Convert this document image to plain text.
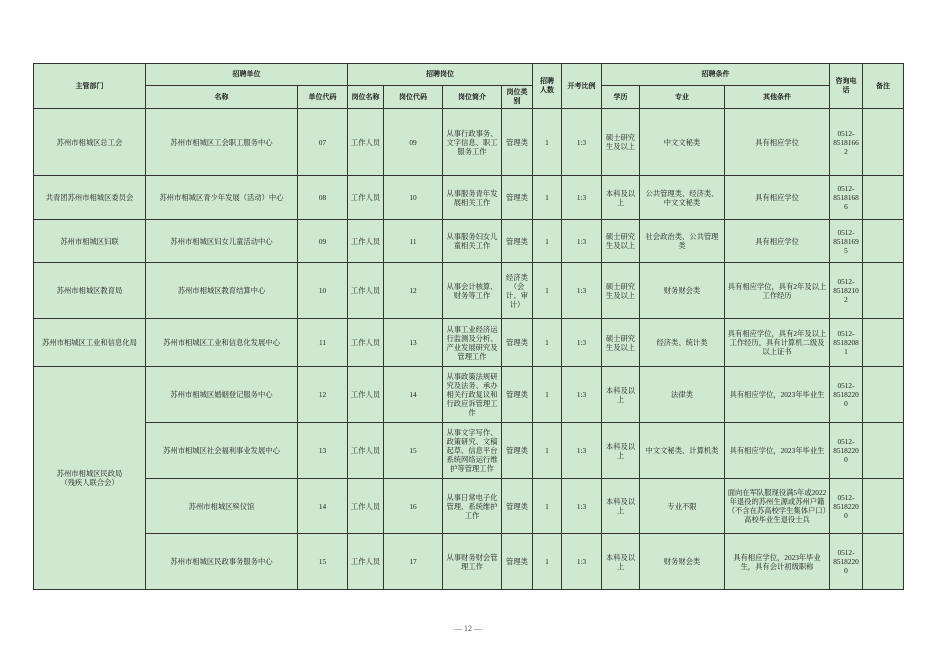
主管部门	招聘单位		招聘岗位				招聘人数	开考比例	招聘条件			咨询电话	备注
	名称	单位代码	岗位名称	岗位代码	岗位简介	岗位类别			学历	专业	其他条件		
苏州市相城区总工会	苏州市相城区工会职工服务中心	07	工作人员	09	从事行政事务、文字信息、职工服务工作	管理类	1	1:3	硕士研究生及以上	中文文秘类	具有相应学位	0512-85181662	
共青团苏州市相城区委员会	苏州市相城区青少年发展（活动）中心	08	工作人员	10	从事服务青年发展相关工作	管理类	1	1:3	本科及以上	公共管理类、经济类、中文文秘类	具有相应学位	0512-85181686	
苏州市相城区妇联	苏州市相城区妇女儿童活动中心	09	工作人员	11	从事服务妇女儿童相关工作	管理类	1	1:3	硕士研究生及以上	社会政治类、公共管理类	具有相应学位	0512-85181695	
苏州市相城区教育局	苏州市相城区教育结算中心	10	工作人员	12	从事会计核算、财务等工作	经济类（会计、审计）	1	1:3	硕士研究生及以上	财务财会类	具有相应学位，具有2年及以上工作经历	0512-85182102	
苏州市相城区工业和信息化局	苏州市相城区工业和信息化发展中心	11	工作人员	13	从事工业经济运行监测及分析、产业发展研究及管理工作	管理类	1	1:3	硕士研究生及以上	经济类、统计类	具有相应学位，具有2年及以上工作经历，具有计算机二级及以上证书	0512-85182081	
苏州市相城区民政局（残疾人联合会）	苏州市相城区婚姻登记服务中心	12	工作人员	14	从事政策法规研究及法务、承办相关行政复议和行政应诉管理工作	管理类	1	1:3	本科及以上	法律类	具有相应学位，2023年毕业生	0512-85182200	
	苏州市相城区社会福利事业发展中心	13	工作人员	15	从事文字写作、政策研究、文稿起草、信息平台系统网络运行维护等管理工作	管理类	1	1:3	本科及以上	中文文秘类、计算机类	具有相应学位，2023年毕业生	0512-85182200	
	苏州市相城区殡仪馆	14	工作人员	16	从事日常电子化管理、系统维护工作	管理类	1	1:3	本科及以上	专业不限	面向在军队服现役满5年或2022年退役的苏州生源或苏州户籍（不含在苏高校学生集体户口）高校毕业生退役士兵	0512-85182200	
	苏州市相城区民政事务服务中心	15	工作人员	17	从事财务财会管理工作	管理类	1	1:3	本科及以上	财务财会类	具有相应学位，2023年毕业生，具有会计初级职称	0512-85182200	
— 12 —
